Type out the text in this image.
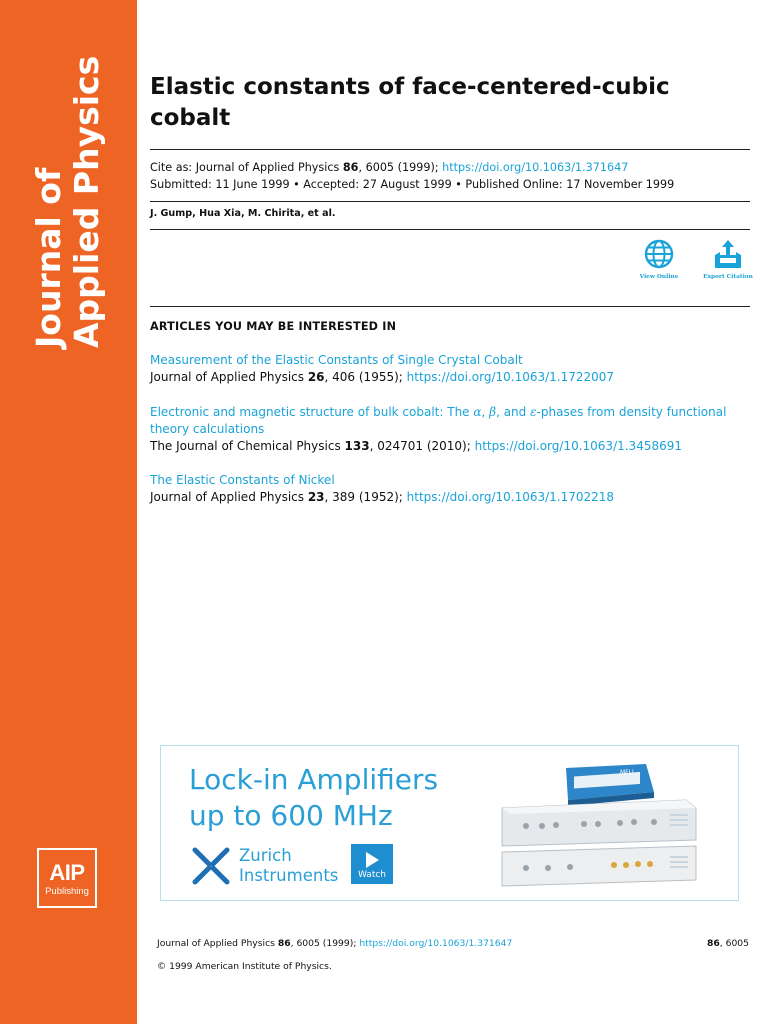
Journal of Applied Physics
AIP
Publishing
Elastic constants of face-centered-cubic cobalt
Cite as: Journal of Applied Physics 86, 6005 (1999); https://doi.org/10.1063/1.371647
Submitted: 11 June 1999 • Accepted: 27 August 1999 • Published Online: 17 November 1999
J. Gump, Hua Xia, M. Chirita, et al.
View Online	Export Citation
ARTICLES YOU MAY BE INTERESTED IN
Measurement of the Elastic Constants of Single Crystal Cobalt
Journal of Applied Physics 26, 406 (1955); https://doi.org/10.1063/1.1722007
Electronic and magnetic structure of bulk cobalt: The α, β, and ε-phases from density functional theory calculations
The Journal of Chemical Physics 133, 024701 (2010); https://doi.org/10.1063/1.3458691
The Elastic Constants of Nickel
Journal of Applied Physics 23, 389 (1952); https://doi.org/10.1063/1.1702218
Lock-in Amplifiers
up to 600 MHz
Zurich
Instruments	Watch
MFLI
Journal of Applied Physics 86, 6005 (1999); https://doi.org/10.1063/1.371647	86, 6005
© 1999 American Institute of Physics.
